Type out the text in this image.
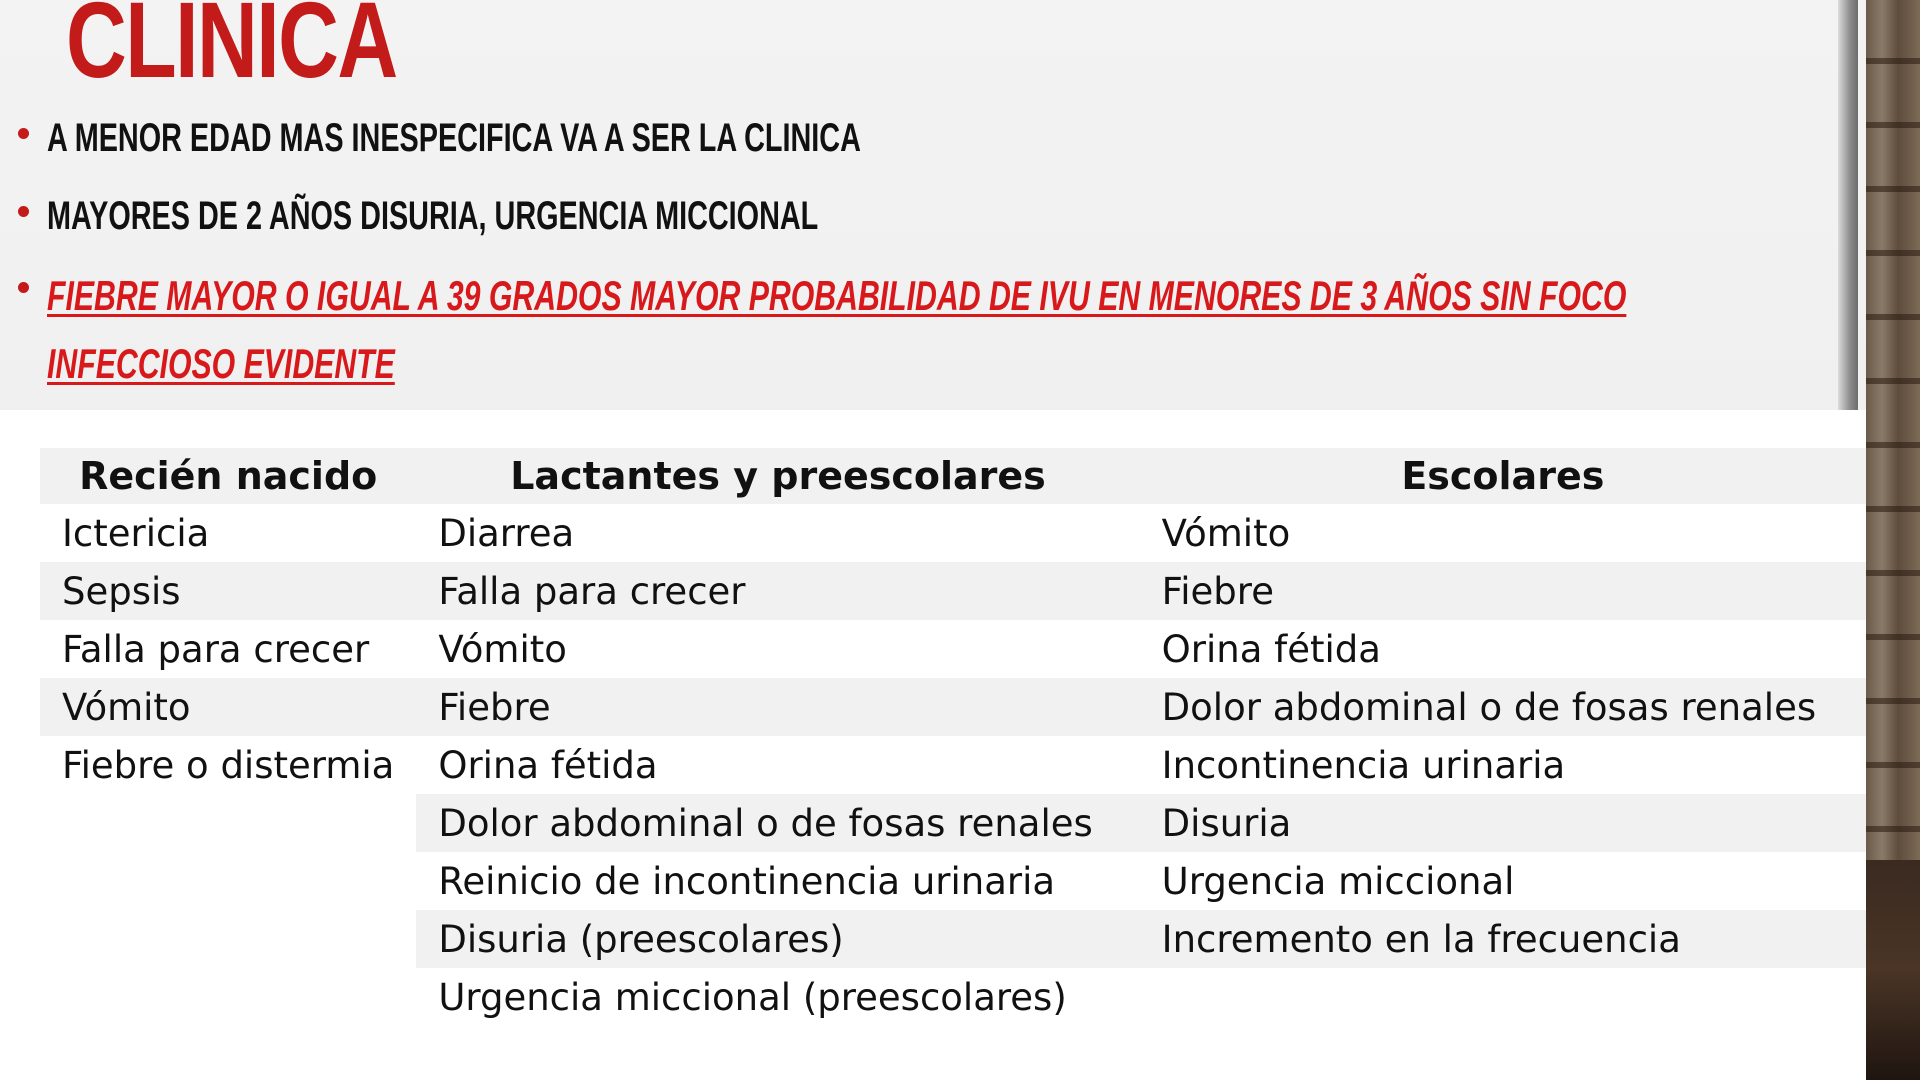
CLINICA
A MENOR EDAD MAS INESPECIFICA VA A SER LA CLINICA
MAYORES DE 2 AÑOS DISURIA, URGENCIA MICCIONAL
FIEBRE MAYOR O IGUAL A 39 GRADOS MAYOR PROBABILIDAD DE IVU EN MENORES DE 3 AÑOS SIN FOCO INFECCIOSO EVIDENTE
Recién nacido	Lactantes y preescolares	Escolares
Ictericia	Diarrea	Vómito
Sepsis	Falla para crecer	Fiebre
Falla para crecer	Vómito	Orina fétida
Vómito	Fiebre	Dolor abdominal o de fosas renales
Fiebre o distermia	Orina fétida	Incontinencia urinaria
	Dolor abdominal o de fosas renales	Disuria
	Reinicio de incontinencia urinaria	Urgencia miccional
	Disuria (preescolares)	Incremento en la frecuencia
	Urgencia miccional (preescolares)	
